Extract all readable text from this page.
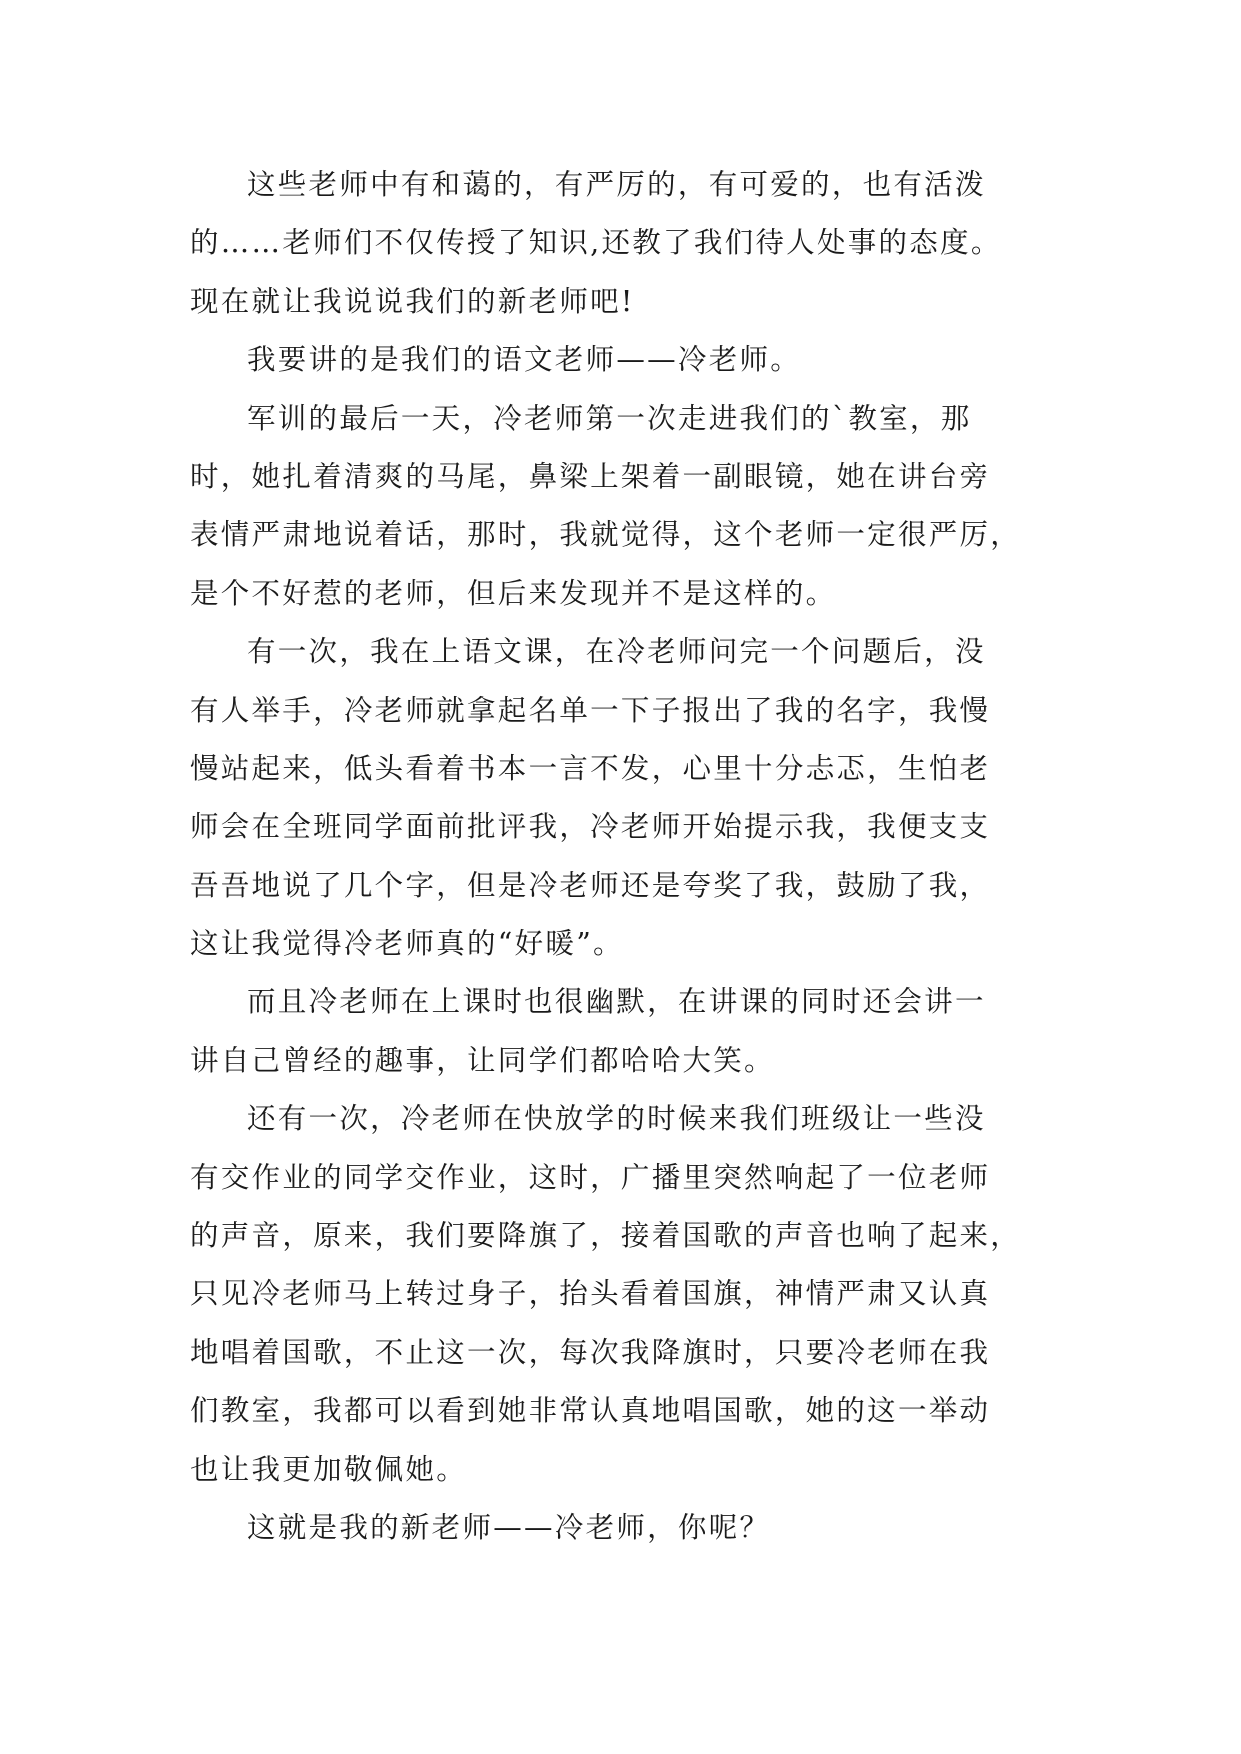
这些老师中有和蔼的，有严厉的，有可爱的，也有活泼
的……老师们不仅传授了知识,还教了我们待人处事的态度。
现在就让我说说我们的新老师吧!
我要讲的是我们的语文老师——冷老师。
军训的最后一天，冷老师第一次走进我们的`教室，那
时，她扎着清爽的马尾，鼻梁上架着一副眼镜，她在讲台旁
表情严肃地说着话，那时，我就觉得，这个老师一定很严厉，
是个不好惹的老师，但后来发现并不是这样的。
有一次，我在上语文课，在冷老师问完一个问题后，没
有人举手，冷老师就拿起名单一下子报出了我的名字，我慢
慢站起来，低头看着书本一言不发，心里十分忐忑，生怕老
师会在全班同学面前批评我，冷老师开始提示我，我便支支
吾吾地说了几个字，但是冷老师还是夸奖了我，鼓励了我，
这让我觉得冷老师真的“好暖”。
而且冷老师在上课时也很幽默，在讲课的同时还会讲一
讲自己曾经的趣事，让同学们都哈哈大笑。
还有一次，冷老师在快放学的时候来我们班级让一些没
有交作业的同学交作业，这时，广播里突然响起了一位老师
的声音，原来，我们要降旗了，接着国歌的声音也响了起来，
只见冷老师马上转过身子，抬头看着国旗，神情严肃又认真
地唱着国歌，不止这一次，每次我降旗时，只要冷老师在我
们教室，我都可以看到她非常认真地唱国歌，她的这一举动
也让我更加敬佩她。
这就是我的新老师——冷老师，你呢？
